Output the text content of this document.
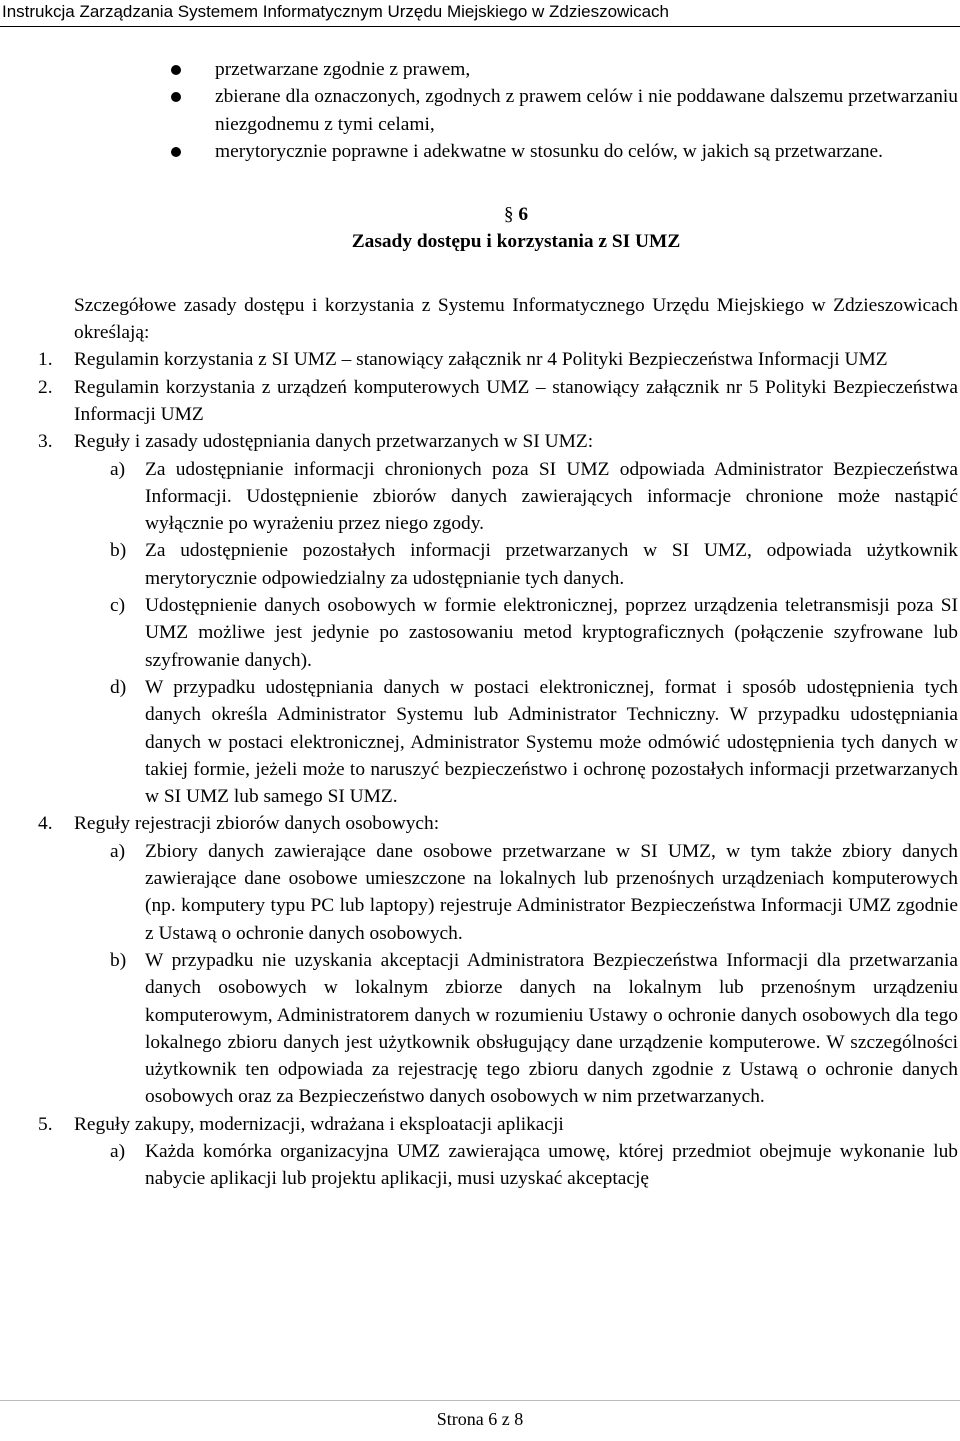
Instrukcja Zarządzania Systemem Informatycznym Urzędu Miejskiego w Zdzieszowicach
przetwarzane zgodnie z prawem,
zbierane dla oznaczonych, zgodnych z prawem celów i nie poddawane dalszemu przetwarzaniu niezgodnemu z tymi celami,
merytorycznie poprawne i adekwatne w stosunku do celów, w jakich są przetwarzane.
§ 6
Zasady dostępu i korzystania z SI UMZ
Szczegółowe zasady dostępu i korzystania z Systemu Informatycznego Urzędu Miejskiego w Zdzieszowicach określają:
1. Regulamin korzystania z SI UMZ – stanowiący załącznik nr 4 Polityki Bezpieczeństwa Informacji UMZ
2. Regulamin korzystania z urządzeń komputerowych UMZ – stanowiący załącznik nr 5 Polityki Bezpieczeństwa Informacji UMZ
3. Reguły i zasady udostępniania danych przetwarzanych w SI UMZ:
a) Za udostępnianie informacji chronionych poza SI UMZ odpowiada Administrator Bezpieczeństwa Informacji. Udostępnienie zbiorów danych zawierających informacje chronione może nastąpić wyłącznie po wyrażeniu przez niego zgody.
b) Za udostępnienie pozostałych informacji przetwarzanych w SI UMZ, odpowiada użytkownik merytorycznie odpowiedzialny za udostępnianie tych danych.
c) Udostępnienie danych osobowych w formie elektronicznej, poprzez urządzenia teletransmisji poza SI UMZ możliwe jest jedynie po zastosowaniu metod kryptograficznych (połączenie szyfrowane lub szyfrowanie danych).
d) W przypadku udostępniania danych w postaci elektronicznej, format i sposób udostępnienia tych danych określa Administrator Systemu lub Administrator Techniczny. W przypadku udostępniania danych w postaci elektronicznej, Administrator Systemu może odmówić udostępnienia tych danych w takiej formie, jeżeli może to naruszyć bezpieczeństwo i ochronę pozostałych informacji przetwarzanych w SI UMZ lub samego SI UMZ.
4. Reguły rejestracji zbiorów danych osobowych:
a) Zbiory danych zawierające dane osobowe przetwarzane w SI UMZ, w tym także zbiory danych zawierające dane osobowe umieszczone na lokalnych lub przenośnych urządzeniach komputerowych (np. komputery typu PC lub laptopy) rejestruje Administrator Bezpieczeństwa Informacji UMZ zgodnie z Ustawą o ochronie danych osobowych.
b) W przypadku nie uzyskania akceptacji Administratora Bezpieczeństwa Informacji dla przetwarzania danych osobowych w lokalnym zbiorze danych na lokalnym lub przenośnym urządzeniu komputerowym, Administratorem danych w rozumieniu Ustawy o ochronie danych osobowych dla tego lokalnego zbioru danych jest użytkownik obsługujący dane urządzenie komputerowe. W szczególności użytkownik ten odpowiada za rejestrację tego zbioru danych zgodnie z Ustawą o ochronie danych osobowych oraz za Bezpieczeństwo danych osobowych w nim przetwarzanych.
5. Reguły zakupy, modernizacji, wdrażana i eksploatacji aplikacji
a) Każda komórka organizacyjna UMZ zawierająca umowę, której przedmiot obejmuje wykonanie lub nabycie aplikacji lub projektu aplikacji, musi uzyskać akceptację
Strona 6 z 8
